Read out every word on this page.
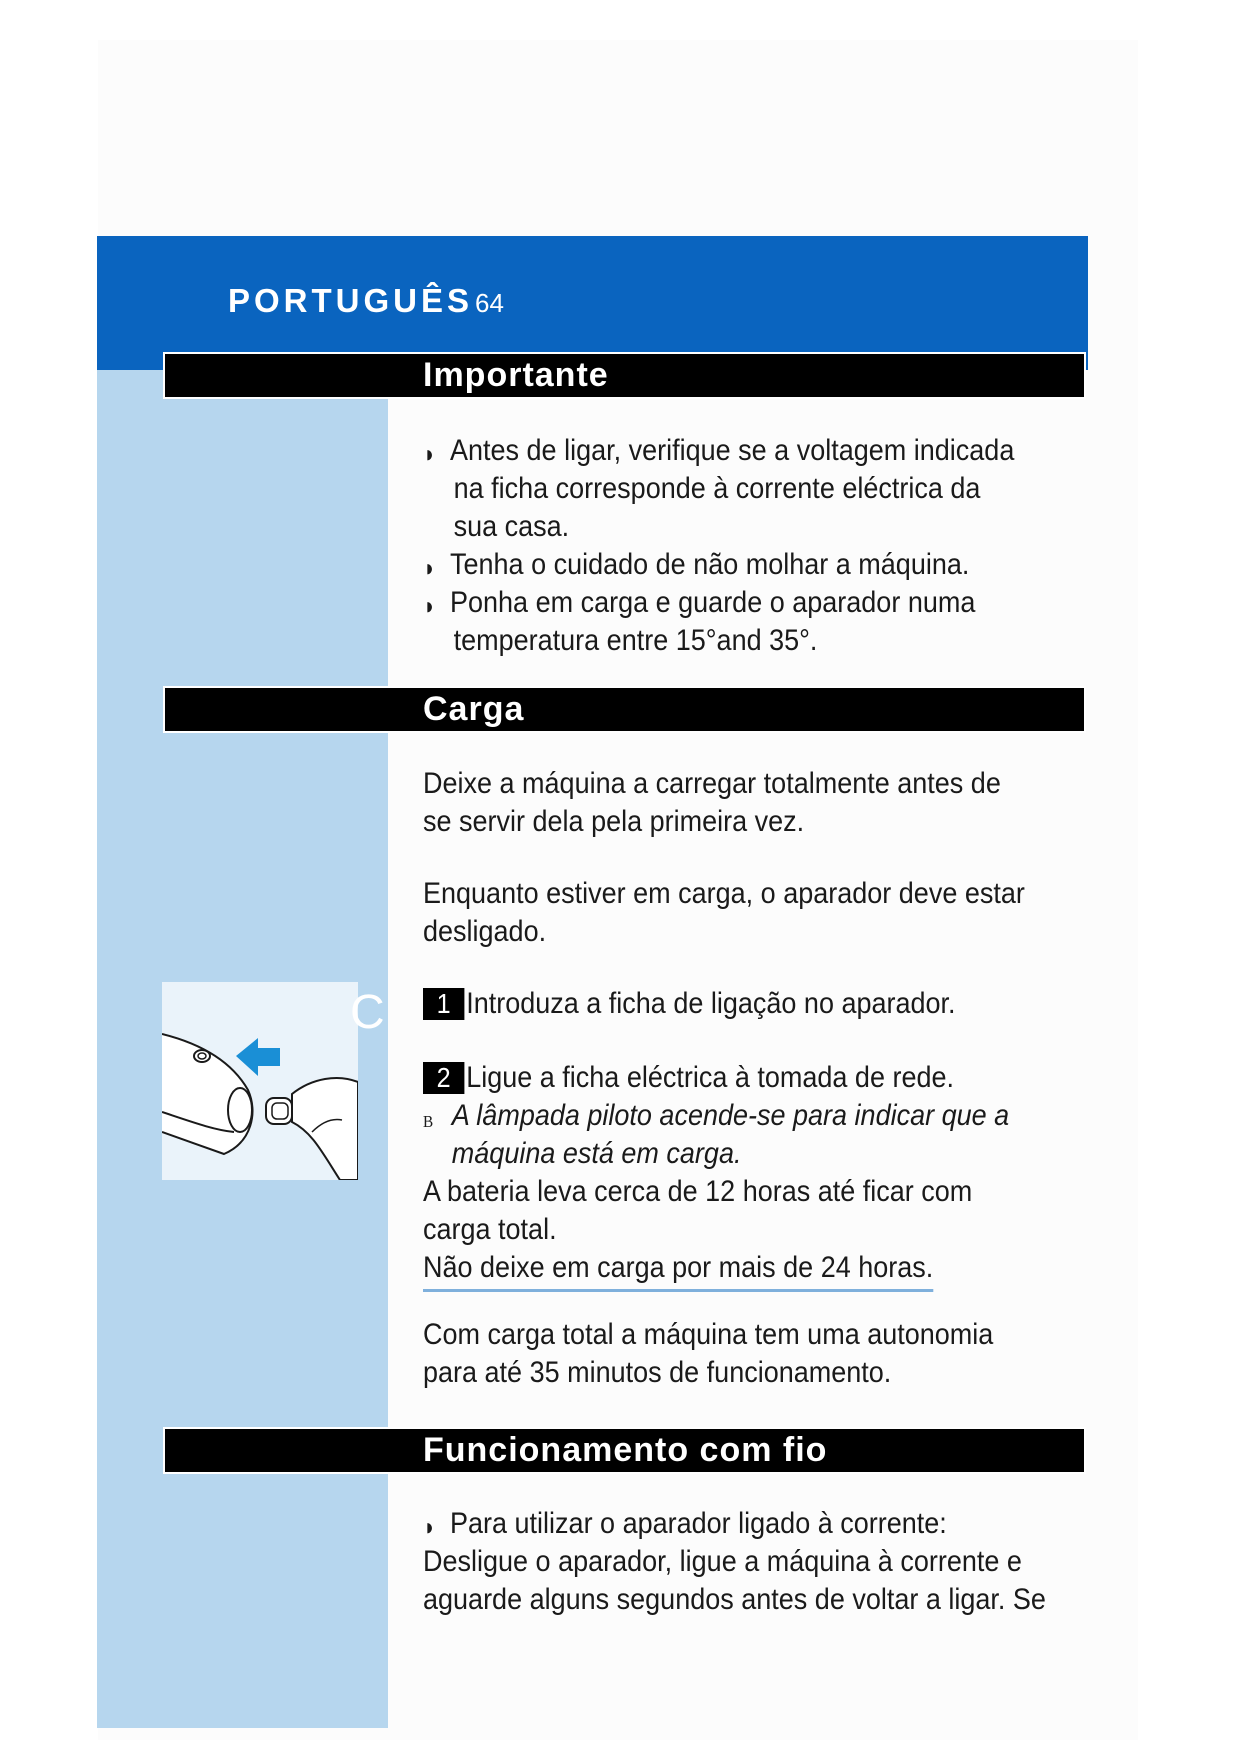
PORTUGUÊS64
Importante
◗ Antes de ligar, verifique se a voltagem indicada
na ficha corresponde à corrente eléctrica da
sua casa.
◗ Tenha o cuidado de não molhar a máquina.
◗ Ponha em carga e guarde o aparador numa
temperatura entre 15°and 35°.
Carga
Deixe a máquina a carregar totalmente antes de
se servir dela pela primeira vez.
Enquanto estiver em carga, o aparador deve estar
desligado.
C	1 Introduza a ficha de ligação no aparador.
2 Ligue a ficha eléctrica à tomada de rede.
B A lâmpada piloto acende-se para indicar que a
máquina está em carga.
A bateria leva cerca de 12 horas até ficar com
carga total.
Não deixe em carga por mais de 24 horas.
Com carga total a máquina tem uma autonomia
para até 35 minutos de funcionamento.
Funcionamento com fio
◗ Para utilizar o aparador ligado à corrente:
Desligue o aparador, ligue a máquina à corrente e
aguarde alguns segundos antes de voltar a ligar. Se
